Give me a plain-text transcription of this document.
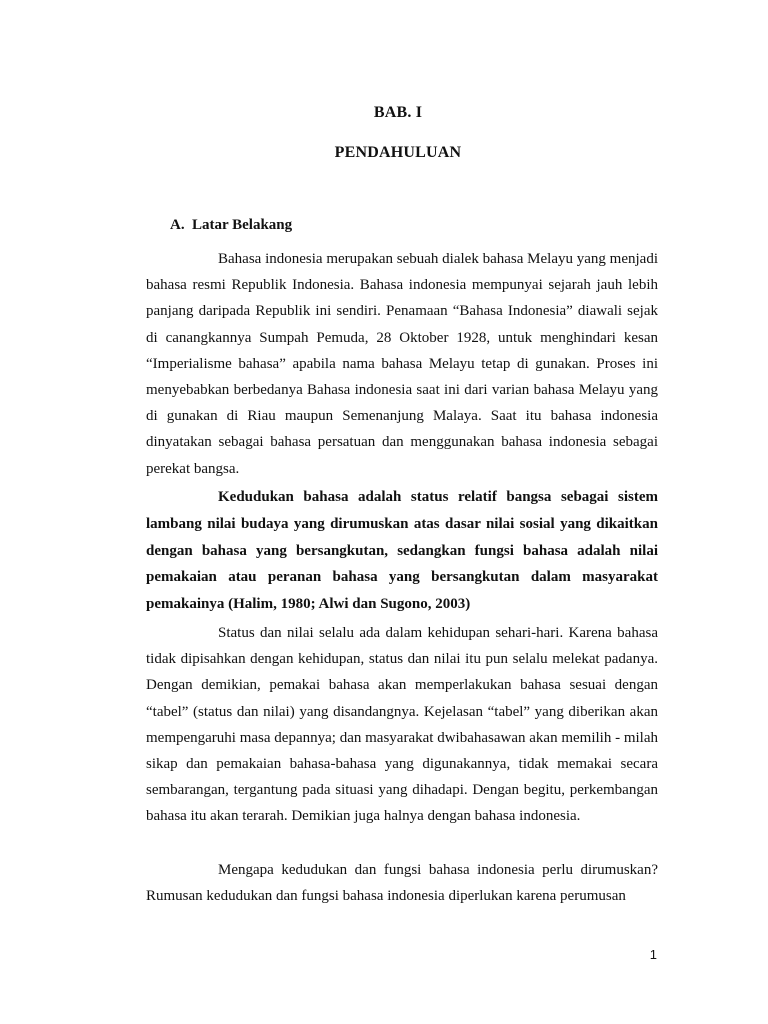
BAB. I
PENDAHULUAN
A. Latar Belakang

Bahasa indonesia merupakan sebuah dialek bahasa Melayu yang menjadi bahasa resmi Republik Indonesia. Bahasa indonesia mempunyai sejarah jauh lebih panjang daripada Republik ini sendiri. Penamaan “Bahasa Indonesia” diawali sejak di canangkannya Sumpah Pemuda, 28 Oktober 1928, untuk menghindari kesan “Imperialisme bahasa” apabila nama bahasa Melayu tetap di gunakan. Proses ini menyebabkan berbedanya Bahasa indonesia saat ini dari varian bahasa Melayu yang di gunakan di Riau maupun Semenanjung Malaya. Saat itu bahasa indonesia dinyatakan sebagai bahasa persatuan dan menggunakan bahasa indonesia sebagai perekat bangsa.

Kedudukan bahasa adalah status relatif bangsa sebagai sistem lambang nilai budaya yang dirumuskan atas dasar nilai sosial yang dikaitkan dengan bahasa yang bersangkutan, sedangkan fungsi bahasa adalah nilai pemakaian atau peranan bahasa yang bersangkutan dalam masyarakat pemakainya (Halim, 1980; Alwi dan Sugono, 2003)

Status dan nilai selalu ada dalam kehidupan sehari-hari. Karena bahasa tidak dipisahkan dengan kehidupan, status dan nilai itu pun selalu melekat padanya. Dengan demikian, pemakai bahasa akan memperlakukan bahasa sesuai dengan “tabel” (status dan nilai) yang disandangnya. Kejelasan “tabel” yang diberikan akan mempengaruhi masa depannya; dan masyarakat dwibahasawan akan memilih - milah sikap dan pemakaian bahasa-bahasa yang digunakannya, tidak memakai secara sembarangan, tergantung pada situasi yang dihadapi. Dengan begitu, perkembangan bahasa itu akan terarah. Demikian juga halnya dengan bahasa indonesia.

Mengapa kedudukan dan fungsi bahasa indonesia perlu dirumuskan? Rumusan kedudukan dan fungsi bahasa indonesia diperlukan karena perumusan

1
